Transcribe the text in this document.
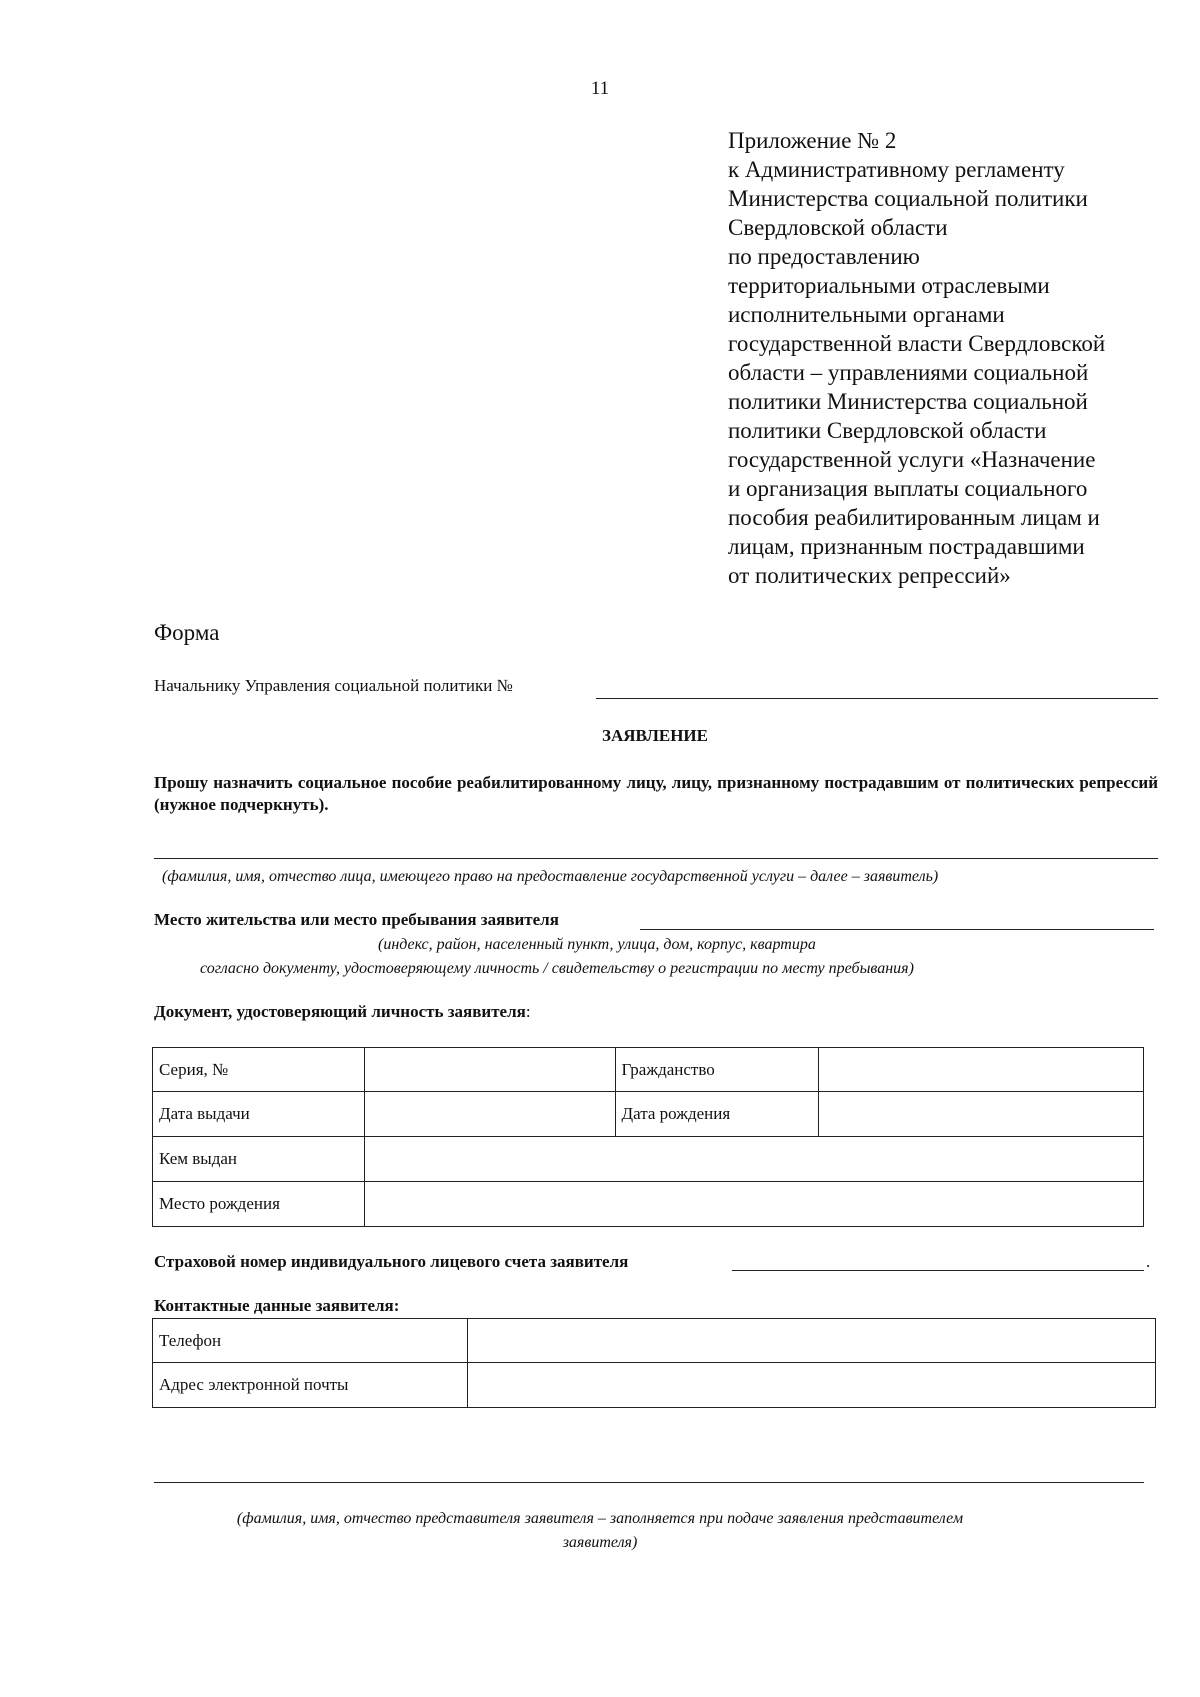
11
Приложение № 2
к Административному регламенту
Министерства социальной политики
Свердловской области
по предоставлению
территориальными отраслевыми
исполнительными органами
государственной власти Свердловской
области – управлениями социальной
политики Министерства социальной
политики Свердловской области
государственной услуги «Назначение
и организация выплаты социального
пособия реабилитированным лицам и
лицам, признанным пострадавшими
от политических репрессий»
Форма
Начальнику Управления социальной политики №
ЗАЯВЛЕНИЕ
Прошу назначить социальное пособие реабилитированному лицу, лицу, признанному пострадавшим от политических репрессий (нужное подчеркнуть).
(фамилия, имя, отчество лица, имеющего право на предоставление государственной услуги – далее – заявитель)
Место жительства или место пребывания заявителя
(индекс, район, населенный пункт, улица, дом, корпус, квартира
согласно документу, удостоверяющему личность / свидетельству о регистрации по месту пребывания)
Документ, удостоверяющий личность заявителя:
Серия, №		Гражданство	
Дата выдачи		Дата рождения	
Кем выдан			
Место рождения			
Страховой номер индивидуального лицевого счета заявителя	.
Контактные данные заявителя:
Телефон	
Адрес электронной почты	
(фамилия, имя, отчество представителя заявителя – заполняется при подаче заявления представителем
заявителя)
